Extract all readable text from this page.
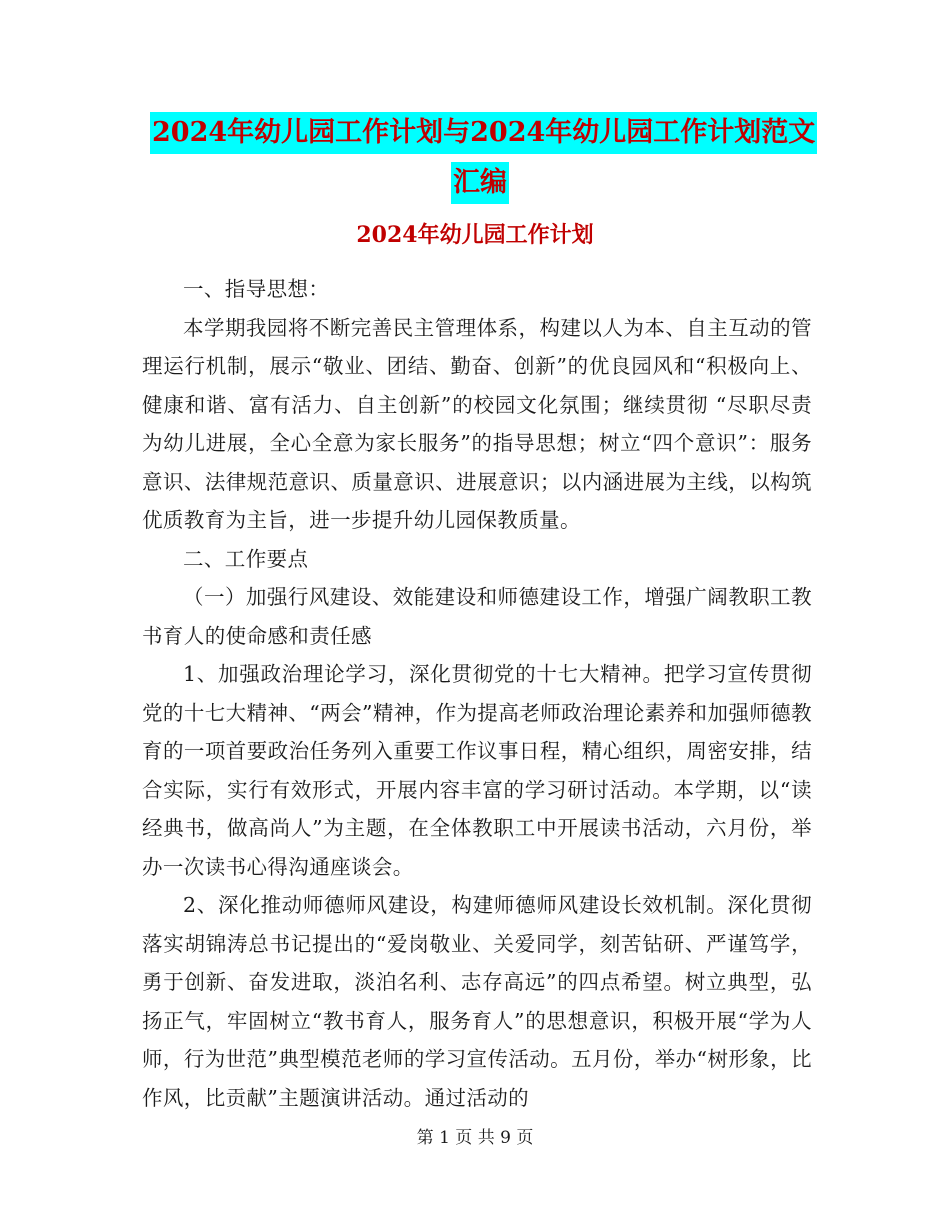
2024年幼儿园工作计划与2024年幼儿园工作计划范文
汇编
2024年幼儿园工作计划

一、指导思想：

本学期我园将不断完善民主管理体系，构建以人为本、自主互动的管理运行机制，展示“敬业、团结、勤奋、创新”的优良园风和“积极向上、健康和谐、富有活力、自主创新”的校园文化氛围；继续贯彻 “尽职尽责为幼儿进展，全心全意为家长服务”的指导思想；树立“四个意识”：服务意识、法律规范意识、质量意识、进展意识；以内涵进展为主线，以构筑优质教育为主旨，进一步提升幼儿园保教质量。

二、工作要点

（一）加强行风建设、效能建设和师德建设工作，增强广阔教职工教书育人的使命感和责任感

1、加强政治理论学习，深化贯彻党的十七大精神。把学习宣传贯彻党的十七大精神、“两会”精神，作为提高老师政治理论素养和加强师德教育的一项首要政治任务列入重要工作议事日程，精心组织，周密安排，结合实际，实行有效形式，开展内容丰富的学习研讨活动。本学期，以“读经典书，做高尚人”为主题，在全体教职工中开展读书活动，六月份，举办一次读书心得沟通座谈会。

2、深化推动师德师风建设，构建师德师风建设长效机制。深化贯彻落实胡锦涛总书记提出的“爱岗敬业、关爱同学，刻苦钻研、严谨笃学，勇于创新、奋发进取，淡泊名利、志存高远”的四点希望。树立典型，弘扬正气，牢固树立“教书育人，服务育人”的思想意识，积极开展“学为人师，行为世范”典型模范老师的学习宣传活动。五月份，举办“树形象，比作风，比贡献”主题演讲活动。通过活动的

第 1 页 共 9 页
